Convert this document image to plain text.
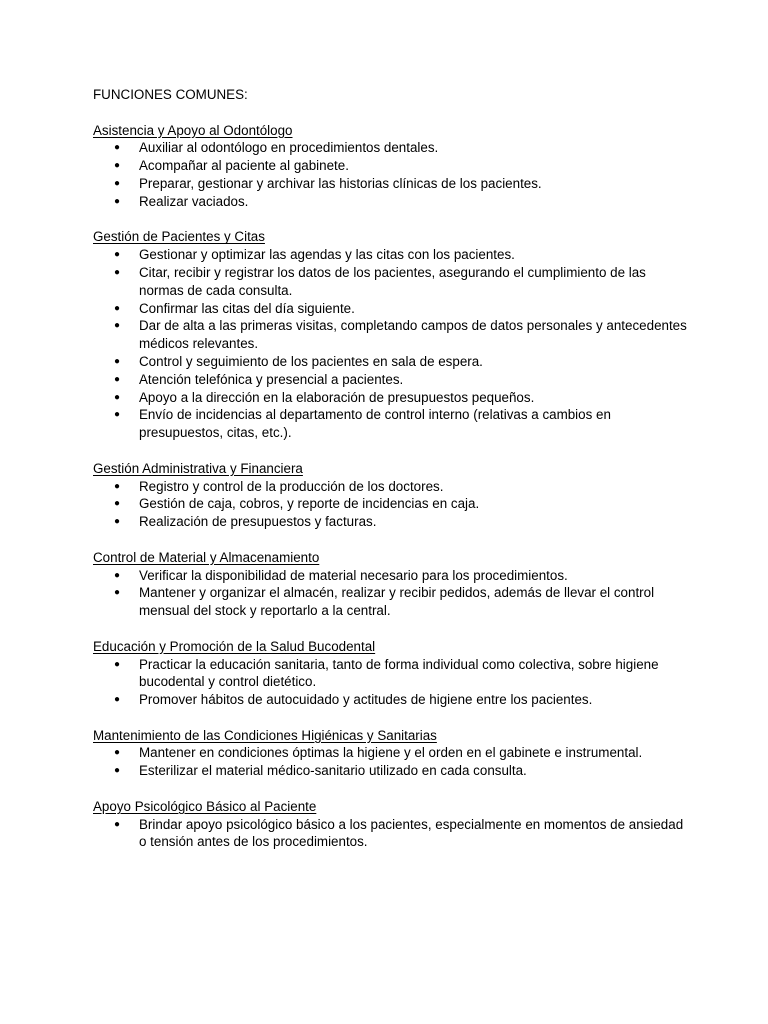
FUNCIONES COMUNES:
Asistencia y Apoyo al Odontólogo
● Auxiliar al odontólogo en procedimientos dentales.
● Acompañar al paciente al gabinete.
● Preparar, gestionar y archivar las historias clínicas de los pacientes.
● Realizar vaciados.
Gestión de Pacientes y Citas
● Gestionar y optimizar las agendas y las citas con los pacientes.
● Citar, recibir y registrar los datos de los pacientes, asegurando el cumplimiento de las normas de cada consulta.
● Confirmar las citas del día siguiente.
● Dar de alta a las primeras visitas, completando campos de datos personales y antecedentes médicos relevantes.
● Control y seguimiento de los pacientes en sala de espera.
● Atención telefónica y presencial a pacientes.
● Apoyo a la dirección en la elaboración de presupuestos pequeños.
● Envío de incidencias al departamento de control interno (relativas a cambios en presupuestos, citas, etc.).
Gestión Administrativa y Financiera
● Registro y control de la producción de los doctores.
● Gestión de caja, cobros, y reporte de incidencias en caja.
● Realización de presupuestos y facturas.
Control de Material y Almacenamiento
● Verificar la disponibilidad de material necesario para los procedimientos.
● Mantener y organizar el almacén, realizar y recibir pedidos, además de llevar el control mensual del stock y reportarlo a la central.
Educación y Promoción de la Salud Bucodental
● Practicar la educación sanitaria, tanto de forma individual como colectiva, sobre higiene bucodental y control dietético.
● Promover hábitos de autocuidado y actitudes de higiene entre los pacientes.
Mantenimiento de las Condiciones Higiénicas y Sanitarias
● Mantener en condiciones óptimas la higiene y el orden en el gabinete e instrumental.
● Esterilizar el material médico-sanitario utilizado en cada consulta.
Apoyo Psicológico Básico al Paciente
● Brindar apoyo psicológico básico a los pacientes, especialmente en momentos de ansiedad o tensión antes de los procedimientos.
